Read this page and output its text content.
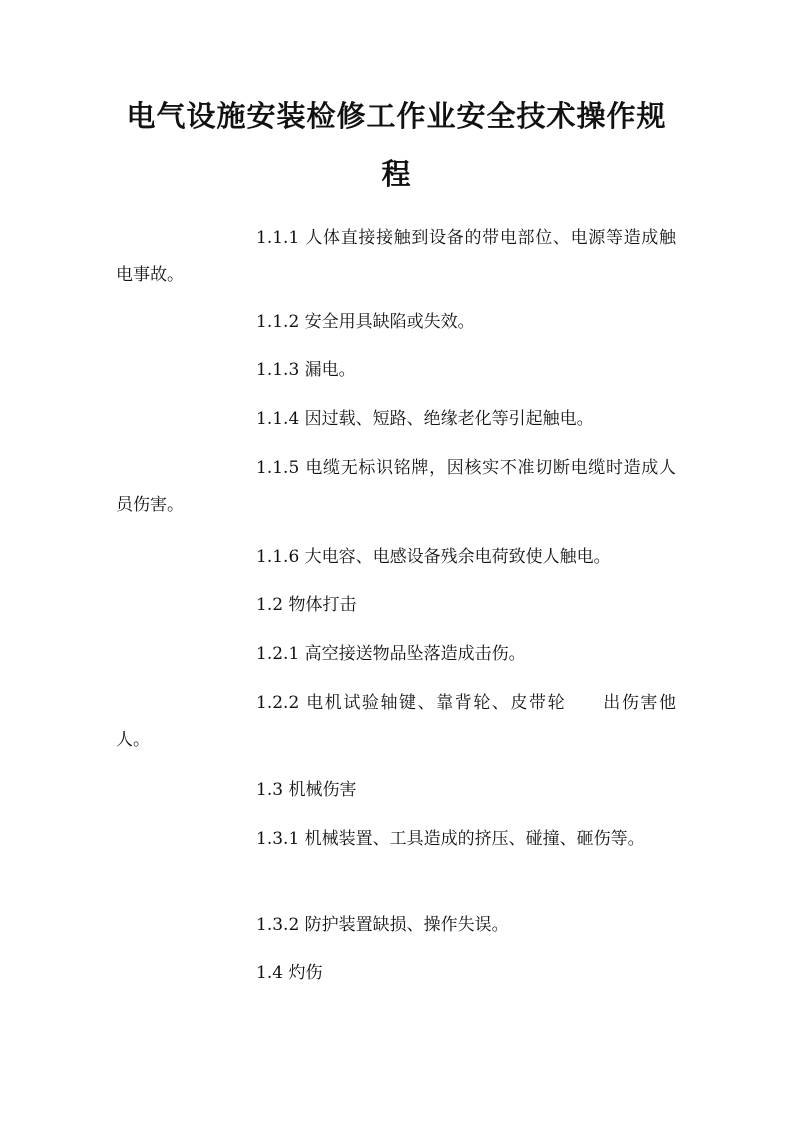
电气设施安装检修工作业安全技术操作规
程

1.1.1 人体直接接触到设备的带电部位、电源等造成触电事故。

1.1.2 安全用具缺陷或失效。

1.1.3 漏电。

1.1.4 因过载、短路、绝缘老化等引起触电。

1.1.5 电缆无标识铭牌，因核实不准切断电缆时造成人员伤害。

1.1.6 大电容、电感设备残余电荷致使人触电。

1.2 物体打击

1.2.1 高空接送物品坠落造成击伤。

1.2.2 电机试验轴键、靠背轮、皮带轮　　出伤害他人。

1.3 机械伤害

1.3.1 机械装置、工具造成的挤压、碰撞、砸伤等。

1.3.2 防护装置缺损、操作失误。

1.4 灼伤
